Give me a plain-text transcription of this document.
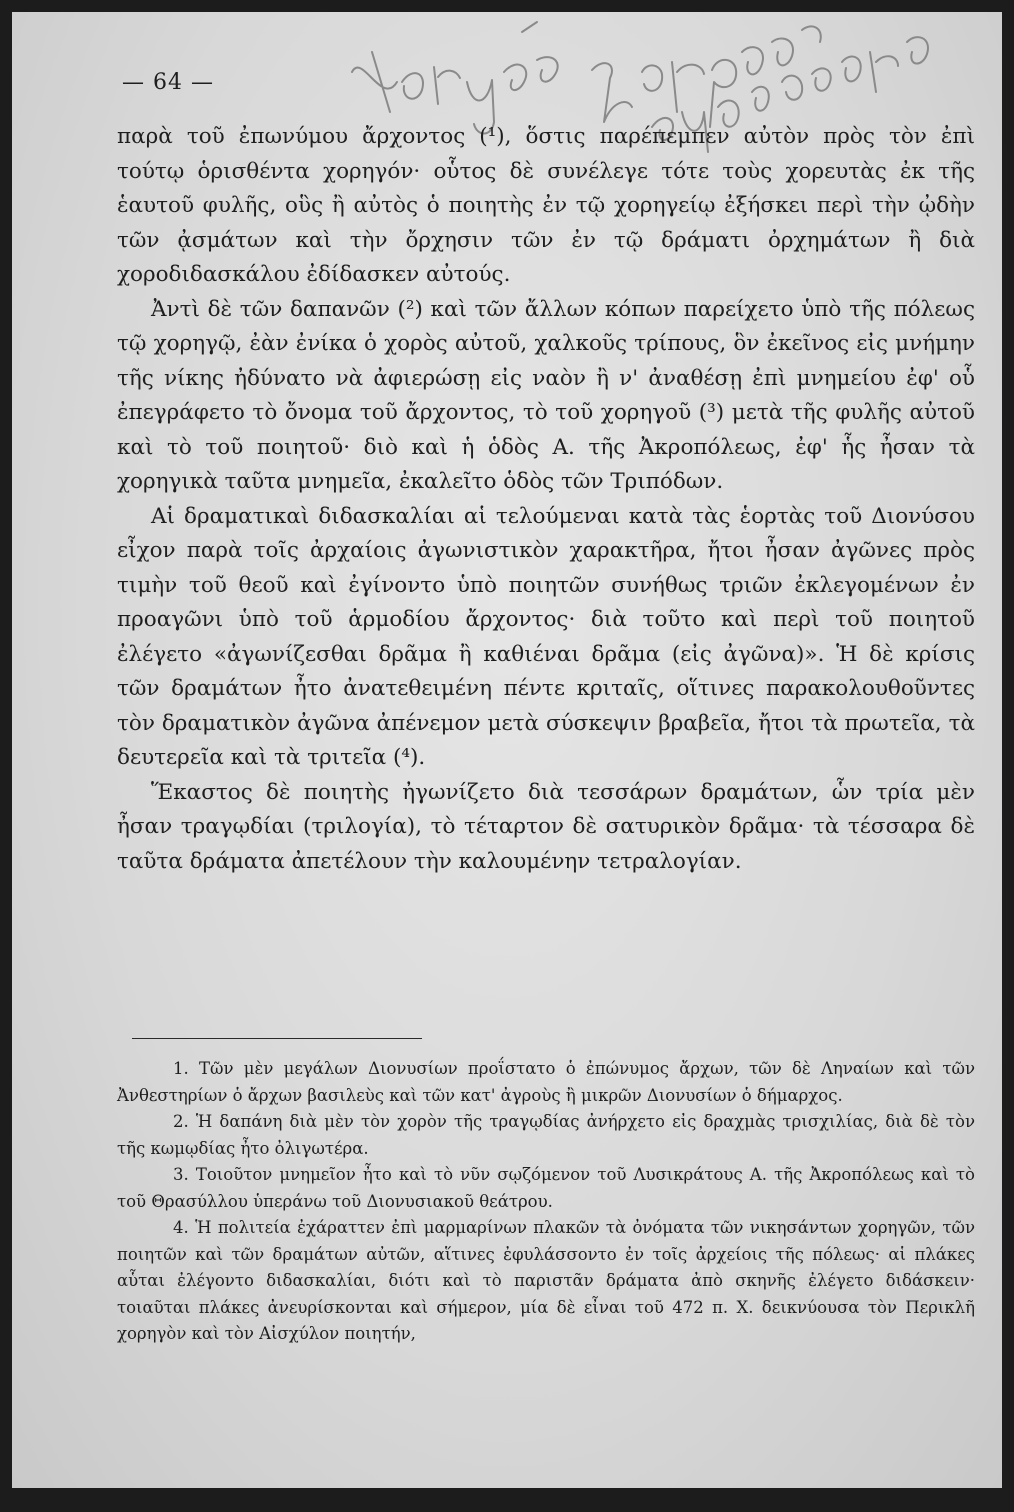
— 64 —

παρὰ τοῦ ἐπωνύμου ἄρχοντος (¹), ὅστις παρέπεμπεν αὐτὸν πρὸς τὸν ἐπὶ τούτῳ ὁρισθέντα χορηγόν· οὗτος δὲ συνέλεγε τότε τοὺς χορευτὰς ἐκ τῆς ἑαυτοῦ φυλῆς, οὓς ἢ αὐτὸς ὁ ποιητὴς ἐν τῷ χορηγείῳ ἐξήσκει περὶ τὴν ᾠδὴν τῶν ᾀσμάτων καὶ τὴν ὄρχησιν τῶν ἐν τῷ δράματι ὀρχημάτων ἢ διὰ χοροδιδασκάλου ἐδίδασκεν αὐτούς.

Ἀντὶ δὲ τῶν δαπανῶν (²) καὶ τῶν ἄλλων κόπων παρείχετο ὑπὸ τῆς πόλεως τῷ χορηγῷ, ἐὰν ἐνίκα ὁ χορὸς αὐτοῦ, χαλκοῦς τρίπους, ὃν ἐκεῖνος εἰς μνήμην τῆς νίκης ἠδύνατο νὰ ἀφιερώσῃ εἰς ναὸν ἢ ν' ἀναθέσῃ ἐπὶ μνημείου ἐφ' οὗ ἐπεγράφετο τὸ ὄνομα τοῦ ἄρχοντος, τὸ τοῦ χορηγοῦ (³) μετὰ τῆς φυλῆς αὐτοῦ καὶ τὸ τοῦ ποιητοῦ· διὸ καὶ ἡ ὁδὸς Α. τῆς Ἀκροπόλεως, ἐφ' ἧς ἦσαν τὰ χορηγικὰ ταῦτα μνημεῖα, ἐκαλεῖτο ὁδὸς τῶν Τριπόδων.

Αἱ δραματικαὶ διδασκαλίαι αἱ τελούμεναι κατὰ τὰς ἑορτὰς τοῦ Διονύσου εἶχον παρὰ τοῖς ἀρχαίοις ἀγωνιστικὸν χαρακτῆρα, ἤτοι ἦσαν ἀγῶνες πρὸς τιμὴν τοῦ θεοῦ καὶ ἐγίνοντο ὑπὸ ποιητῶν συνήθως τριῶν ἐκλεγομένων ἐν προαγῶνι ὑπὸ τοῦ ἁρμοδίου ἄρχοντος· διὰ τοῦτο καὶ περὶ τοῦ ποιητοῦ ἐλέγετο «ἀγωνίζεσθαι δρᾶμα ἢ καθιέναι δρᾶμα (εἰς ἀγῶνα)». Ἡ δὲ κρίσις τῶν δραμάτων ἦτο ἀνατεθειμένη πέντε κριταῖς, οἵτινες παρακολουθοῦντες τὸν δραματικὸν ἀγῶνα ἀπένεμον μετὰ σύσκεψιν βραβεῖα, ἤτοι τὰ πρωτεῖα, τὰ δευτερεῖα καὶ τὰ τριτεῖα (⁴).

Ἕκαστος δὲ ποιητὴς ἠγωνίζετο διὰ τεσσάρων δραμάτων, ὧν τρία μὲν ἦσαν τραγῳδίαι (τριλογία), τὸ τέταρτον δὲ σατυρικὸν δρᾶμα· τὰ τέσσαρα δὲ ταῦτα δράματα ἀπετέλουν τὴν καλουμένην τετραλογίαν.

1. Τῶν μὲν μεγάλων Διονυσίων προΐστατο ὁ ἐπώνυμος ἄρχων, τῶν δὲ Ληναίων καὶ τῶν Ἀνθεστηρίων ὁ ἄρχων βασιλεὺς καὶ τῶν κατ' ἀγροὺς ἢ μικρῶν Διονυσίων ὁ δήμαρχος.

2. Ἡ δαπάνη διὰ μὲν τὸν χορὸν τῆς τραγῳδίας ἀνήρχετο εἰς δραχμὰς τρισχιλίας, διὰ δὲ τὸν τῆς κωμῳδίας ἦτο ὀλιγωτέρα.

3. Τοιοῦτον μνημεῖον ἦτο καὶ τὸ νῦν σῳζόμενον τοῦ Λυσικράτους Α. τῆς Ἀκροπόλεως καὶ τὸ τοῦ Θρασύλλου ὑπεράνω τοῦ Διονυσιακοῦ θεάτρου.

4. Ἡ πολιτεία ἐχάραττεν ἐπὶ μαρμαρίνων πλακῶν τὰ ὀνόματα τῶν νικησάντων χορηγῶν, τῶν ποιητῶν καὶ τῶν δραμάτων αὐτῶν, αἵτινες ἐφυλάσσοντο ἐν τοῖς ἀρχείοις τῆς πόλεως· αἱ πλάκες αὗται ἐλέγοντο διδασκαλίαι, διότι καὶ τὸ παριστᾶν δράματα ἀπὸ σκηνῆς ἐλέγετο διδάσκειν· τοιαῦται πλάκες ἀνευρίσκονται καὶ σήμερον, μία δὲ εἶναι τοῦ 472 π. Χ. δεικνύουσα τὸν Περικλῆ χορηγὸν καὶ τὸν Αἰσχύλον ποιητήν,
